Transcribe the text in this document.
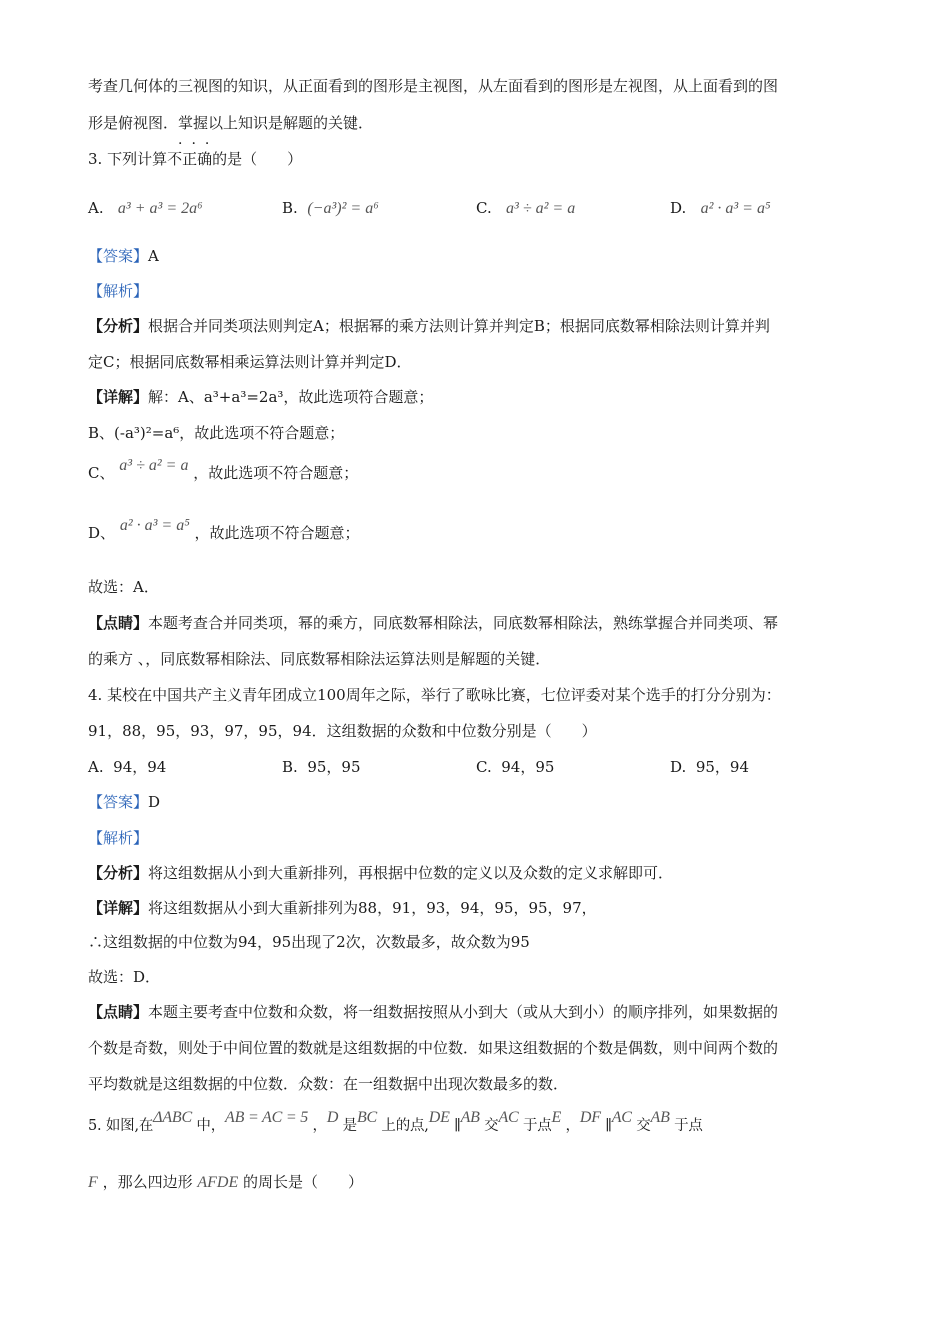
考查几何体的三视图的知识，从正面看到的图形是主视图，从左面看到的图形是左视图，从上面看到的图
形是俯视图．掌握以上知识是解题的关键．
···
3. 下列计算不正确的是（　　）
A. a³ + a³ = 2a⁶	B. (−a³)² = a⁶	C. a³ ÷ a² = a	D. a² · a³ = a⁵
【答案】A
【解析】
【分析】根据合并同类项法则判定A；根据幂的乘方法则计算并判定B；根据同底数幂相除法则计算并判
定C；根据同底数幂相乘运算法则计算并判定D．
【详解】解：A、a³+a³=2a³，故此选项符合题意；
B、(-a³)²=a⁶，故此选项不符合题意；
C、 a³ ÷ a² = a ，故此选项不符合题意；
D、 a² · a³ = a⁵ ，故此选项不符合题意；
故选：A．
【点睛】本题考查合并同类项，幂的乘方，同底数幂相除法，同底数幂相除法，熟练掌握合并同类项、幂
的乘方 、，同底数幂相除法、同底数幂相除法运算法则是解题的关键．
4. 某校在中国共产主义青年团成立100周年之际，举行了歌咏比赛，七位评委对某个选手的打分分别为：
91，88，95，93，97，95，94．这组数据的众数和中位数分别是（　　）
A. 94，94	B. 95，95	C. 94，95	D. 95，94
【答案】D
【解析】
【分析】将这组数据从小到大重新排列，再根据中位数的定义以及众数的定义求解即可．
【详解】将这组数据从小到大重新排列为88，91，93，94，95，95，97，
∴这组数据的中位数为94，95出现了2次，次数最多，故众数为95
故选：D．
【点睛】本题主要考查中位数和众数，将一组数据按照从小到大（或从大到小）的顺序排列，如果数据的
个数是奇数，则处于中间位置的数就是这组数据的中位数．如果这组数据的个数是偶数，则中间两个数的
平均数就是这组数据的中位数．众数：在一组数据中出现次数最多的数．
5. 如图,在ΔABC 中，AB = AC = 5 ，D 是BC 上的点,DE ∥AB 交AC 于点E ，DF ∥AC 交AB 于点
F ，那么四边形 AFDE 的周长是（　　）
